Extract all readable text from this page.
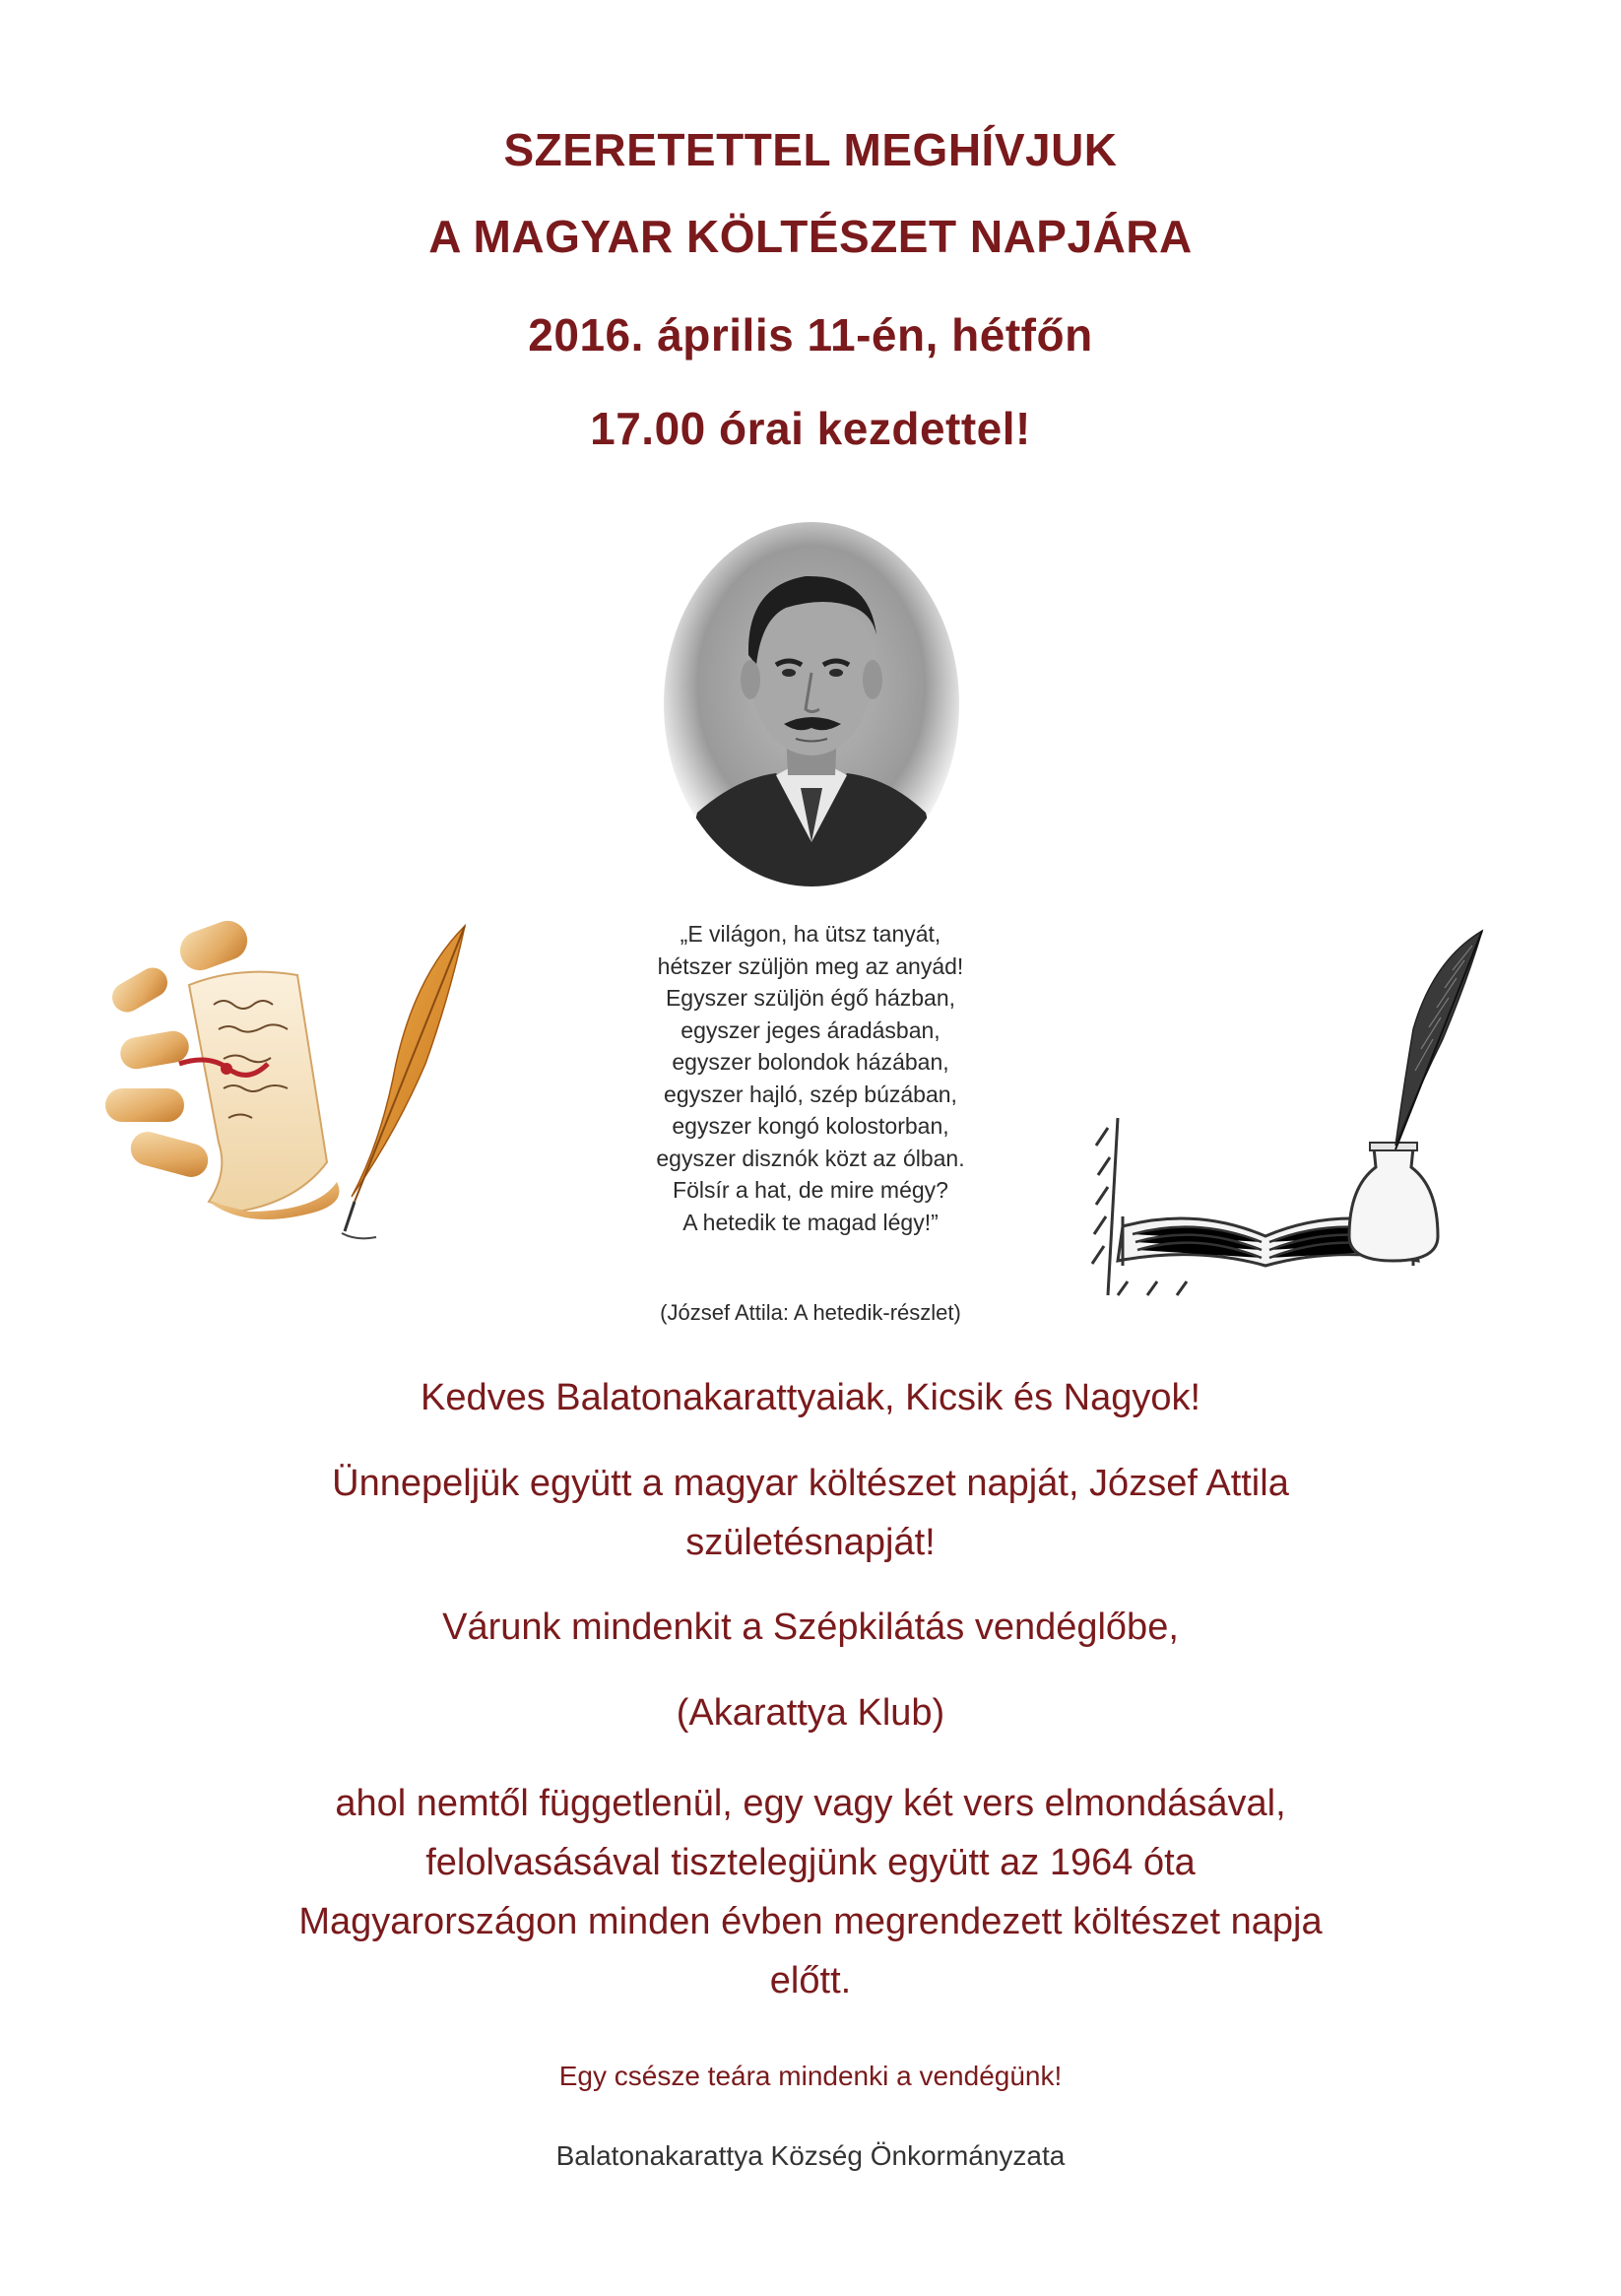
SZERETETTEL MEGHÍVJUK
A MAGYAR KÖLTÉSZET NAPJÁRA
2016. április 11-én, hétfőn
17.00 órai kezdettel!
„E világon, ha ütsz tanyát,
hétszer szüljön meg az anyád!
Egyszer szüljön égő házban,
egyszer jeges áradásban,
egyszer bolondok házában,
egyszer hajló, szép búzában,
egyszer kongó kolostorban,
egyszer disznók közt az ólban.
Fölsír a hat, de mire mégy?
A hetedik te magad légy!”
(József Attila: A hetedik-részlet)
Kedves Balatonakarattyaiak, Kicsik és Nagyok!
Ünnepeljük együtt a magyar költészet napját, József Attila
születésnapját!
Várunk mindenkit a Szépkilátás vendéglőbe,
(Akarattya Klub)
ahol nemtől függetlenül, egy vagy két vers elmondásával,
felolvasásával tisztelegjünk együtt az 1964 óta
Magyarországon minden évben megrendezett költészet napja
előtt.
Egy csésze teára mindenki a vendégünk!
Balatonakarattya Község Önkormányzata
